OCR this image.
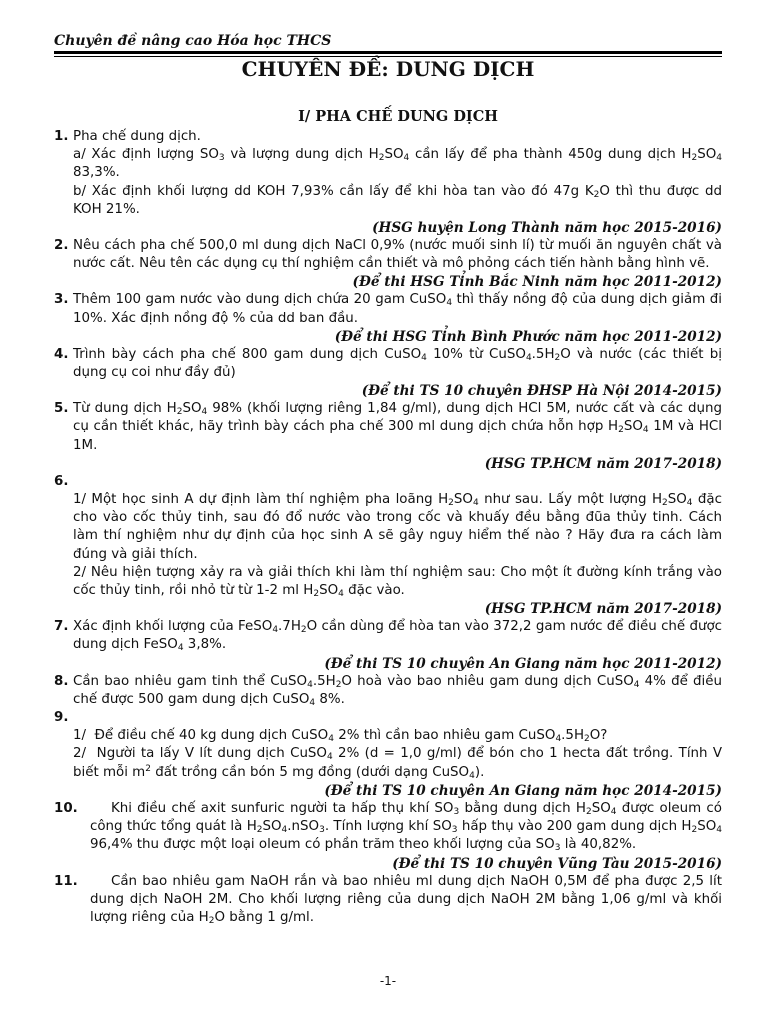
Chuyên đề nâng cao Hóa học THCS
CHUYÊN ĐỀ: DUNG DỊCH
I/ PHA CHẾ DUNG DỊCH
1. Pha chế dung dịch.
a/ Xác định lượng $SO_3$ và lượng dung dịch $H_2SO_4$ cần lấy để pha thành 450g dung dịch $H_2SO_4$ 83,3%.
b/ Xác định khối lượng dd KOH 7,93% cần lấy để khi hòa tan vào đó 47g $K_2O$ thì thu được dd KOH 21%.
(HSG huyện Long Thành năm học 2015-2016)
2. Nêu cách pha chế 500,0 ml dung dịch NaCl 0,9% (nước muối sinh lí) từ muối ăn nguyên chất và nước cất. Nêu tên các dụng cụ thí nghiệm cần thiết và mô phỏng cách tiến hành bằng hình vẽ.
(Để thi HSG Tỉnh Bắc Ninh năm học 2011-2012)
3. Thêm 100 gam nước vào dung dịch chứa 20 gam CuSO$_4$ thì thấy nồng độ của dung dịch giảm đi 10%. Xác định nồng độ % của dd ban đầu.
(Để thi HSG Tỉnh Bình Phước năm học 2011-2012)
4. Trình bày cách pha chế 800 gam dung dịch CuSO$_4$ 10% từ $CuSO_4.5H_2O$ và nước (các thiết bị dụng cụ coi như đầy đủ)
(Để thi TS 10 chuyên ĐHSP Hà Nội 2014-2015)
5. Từ dung dịch $H_2SO_4$ 98% (khối lượng riêng 1,84 g/ml), dung dịch HCl 5M, nước cất và các dụng cụ cần thiết khác, hãy trình bày cách pha chế 300 ml dung dịch chứa hỗn hợp $H_2SO_4$ 1M và HCl 1M.
(HSG TP.HCM năm 2017-2018)
6.

1/ Một học sinh A dự định làm thí nghiệm pha loãng $H_2SO_4$ như sau. Lấy một lượng $H_2SO_4$ đặc cho vào cốc thủy tinh, sau đó đổ nước vào trong cốc và khuấy đều bằng đũa thủy tinh. Cách làm thí nghiệm như dự định của học sinh A sẽ gây nguy hiểm thế nào ? Hãy đưa ra cách làm đúng và giải thích.
2/ Nêu hiện tượng xảy ra và giải thích khi làm thí nghiệm sau: Cho một ít đường kính trắng vào cốc thủy tinh, rồi nhỏ từ từ 1-2 ml $H_2SO_4$ đặc vào.
(HSG TP.HCM năm 2017-2018)
7. Xác định khối lượng của $FeSO_4.7H_2O$ cần dùng để hòa tan vào 372,2 gam nước để điều chế được dung dịch FeSO$_4$ 3,8%.
(Để thi TS 10 chuyên An Giang năm học 2011-2012)
8. Cần bao nhiêu gam tinh thể $CuSO_4.5H_2O$ hoà vào bao nhiêu gam dung dịch CuSO$_4$ 4% để điều chế được 500 gam dung dịch CuSO$_4$ 8%.
9.

1/  Để điều chế 40 kg dung dịch CuSO$_4$ 2% thì cần bao nhiêu gam $CuSO_4.5H_2O$?
2/  Người ta lấy V lít dung dịch CuSO$_4$ 2% (d = 1,0 g/ml) để bón cho 1 hecta đất trồng. Tính V biết mỗi $m^2$ đất trồng cần bón 5 mg đồng (dưới dạng CuSO$_4$).
(Để thi TS 10 chuyên An Giang năm học 2014-2015)
10. Khi điều chế axit sunfuric người ta hấp thụ khí $SO_3$ bằng dung dịch $H_2SO_4$ được oleum có công thức tổng quát là $H_2SO_4.nSO_3$. Tính lượng khí $SO_3$ hấp thụ vào 200 gam dung dịch $H_2SO_4$ 96,4% thu được một loại oleum có phần trăm theo khối lượng của $SO_3$ là 40,82%.
(Để thi TS 10 chuyên Vũng Tàu 2015-2016)
11. Cần bao nhiêu gam NaOH rắn và bao nhiêu ml dung dịch NaOH 0,5M để pha được 2,5 lít dung dịch NaOH 2M. Cho khối lượng riêng của dung dịch NaOH 2M bằng 1,06 g/ml và khối lượng riêng của $H_2O$ bằng 1 g/ml.
-1-
